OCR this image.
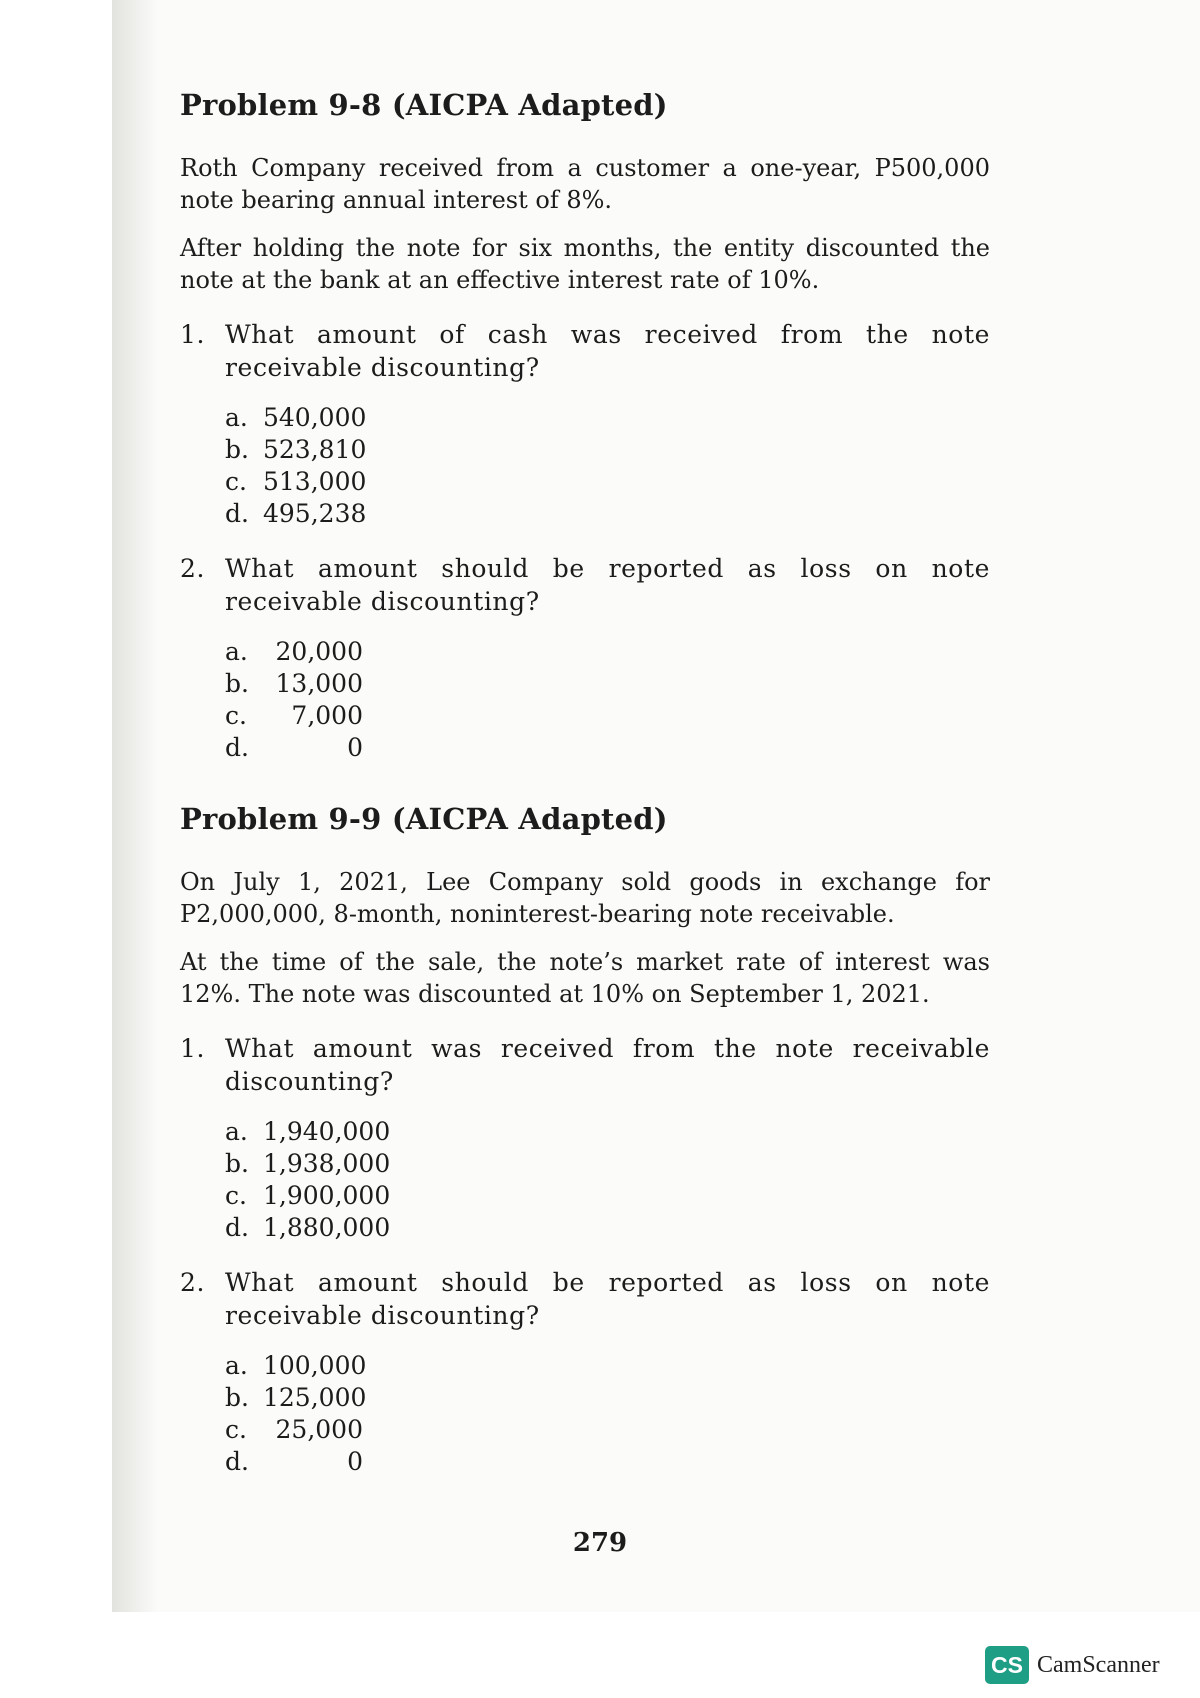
Problem 9-8 (AICPA Adapted)

Roth Company received from a customer a one-year, P500,000 note bearing annual interest of 8%.

After holding the note for six months, the entity discounted the note at the bank at an effective interest rate of 10%.

1. What amount of cash was received from the note receivable discounting?
a. 540,000
b. 523,810
c. 513,000
d. 495,238
2. What amount should be reported as loss on note receivable discounting?
a.	20,000
b.	13,000
c.	7,000
d.	0
Problem 9-9 (AICPA Adapted)

On July 1, 2021, Lee Company sold goods in exchange for P2,000,000, 8-month, noninterest-bearing note receivable.

At the time of the sale, the note’s market rate of interest was 12%. The note was discounted at 10% on September 1, 2021.

1. What amount was received from the note receivable discounting?
a. 1,940,000
b. 1,938,000
c. 1,900,000
d. 1,880,000
2. What amount should be reported as loss on note receivable discounting?
a. 100,000
b. 125,000
c.	25,000
d.	0
279
CS CamScanner
